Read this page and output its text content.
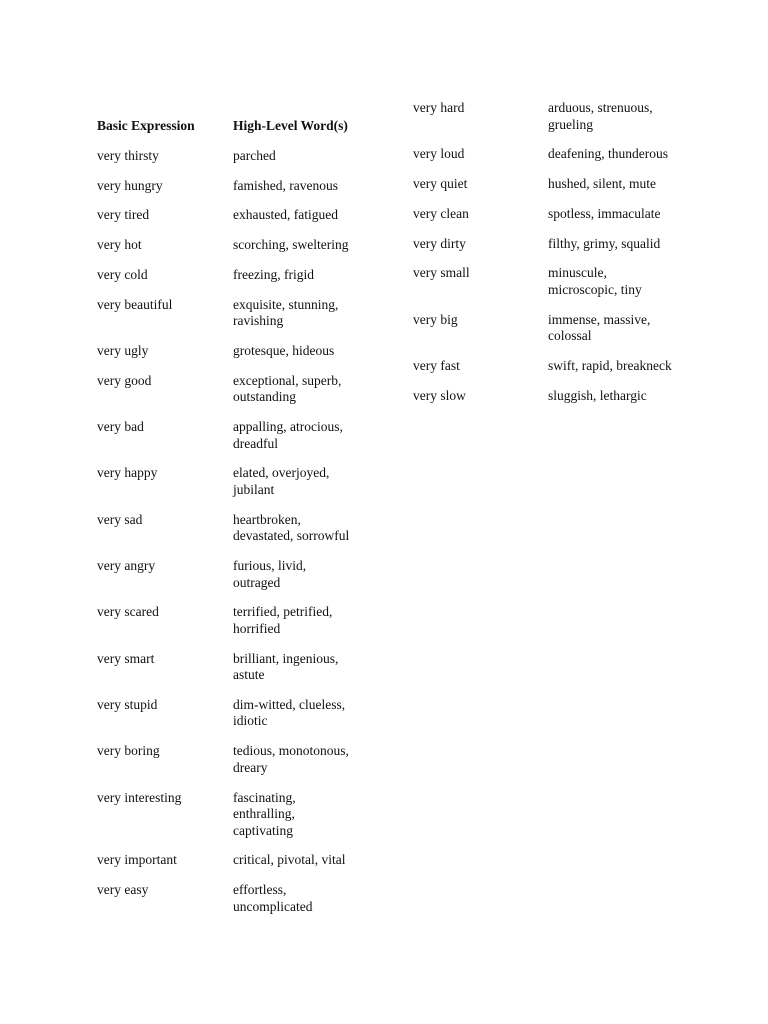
Basic Expression	High-Level Word(s)
very thirsty	parched
very hungry	famished, ravenous
very tired	exhausted, fatigued
very hot	scorching, sweltering
very cold	freezing, frigid
very beautiful	exquisite, stunning, ravishing
very ugly	grotesque, hideous
very good	exceptional, superb, outstanding
very bad	appalling, atrocious, dreadful
very happy	elated, overjoyed, jubilant
very sad	heartbroken, devastated, sorrowful
very angry	furious, livid, outraged
very scared	terrified, petrified, horrified
very smart	brilliant, ingenious, astute
very stupid	dim-witted, clueless, idiotic
very boring	tedious, monotonous, dreary
very interesting	fascinating, enthralling, captivating
very important	critical, pivotal, vital
very easy	effortless, uncomplicated
very hard	arduous, strenuous, grueling
very loud	deafening, thunderous
very quiet	hushed, silent, mute
very clean	spotless, immaculate
very dirty	filthy, grimy, squalid
very small	minuscule, microscopic, tiny
very big	immense, massive, colossal
very fast	swift, rapid, breakneck
very slow	sluggish, lethargic
